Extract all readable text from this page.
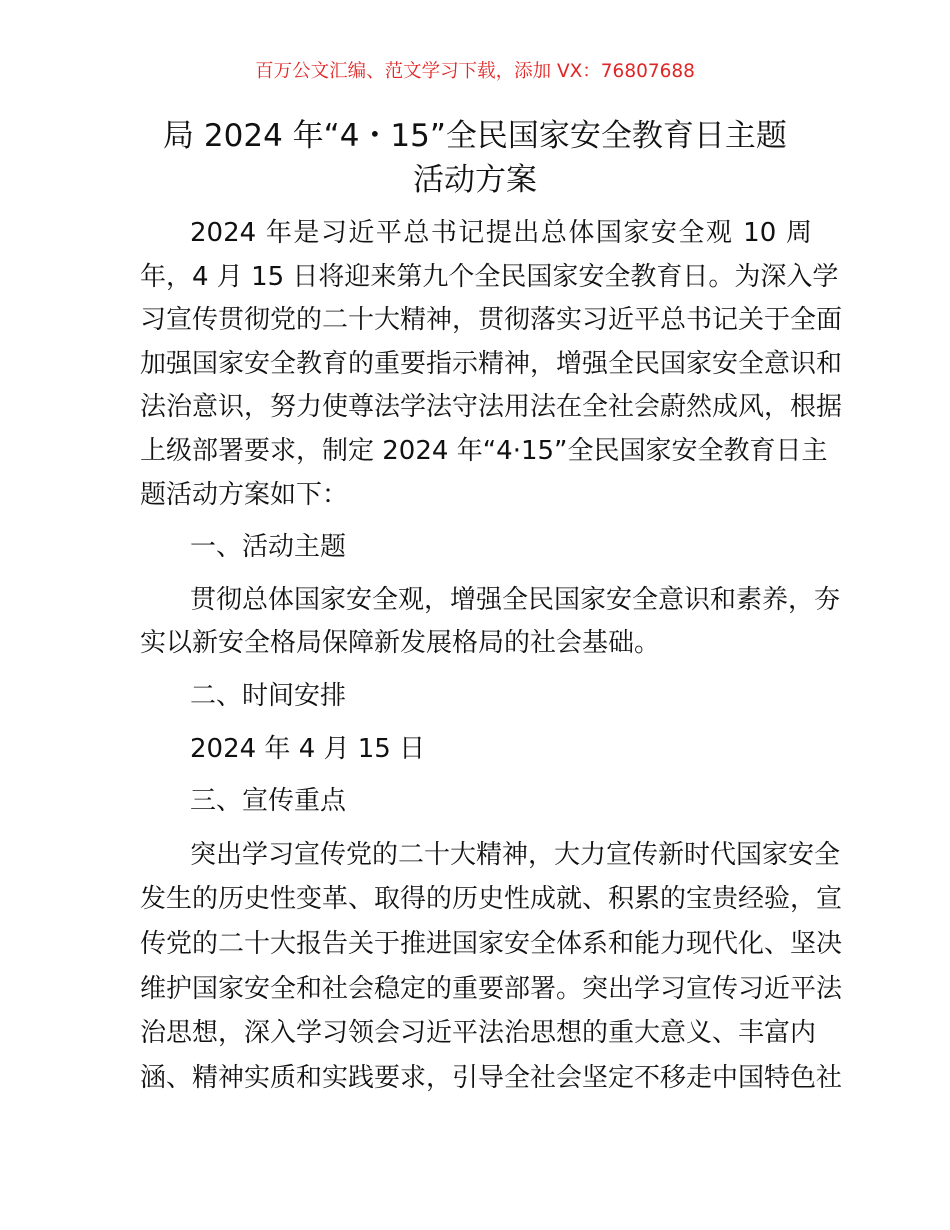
百万公文汇编、范文学习下载，添加 VX：76807688
局 2024 年“4・15”全民国家安全教育日主题
活动方案
2024 年是习近平总书记提出总体国家安全观 10 周
年，4 月 15 日将迎来第九个全民国家安全教育日。为深入学
习宣传贯彻党的二十大精神，贯彻落实习近平总书记关于全面
加强国家安全教育的重要指示精神，增强全民国家安全意识和
法治意识，努力使尊法学法守法用法在全社会蔚然成风，根据
上级部署要求，制定 2024 年“4·15”全民国家安全教育日主
题活动方案如下：
一、活动主题
贯彻总体国家安全观，增强全民国家安全意识和素养，夯
实以新安全格局保障新发展格局的社会基础。
二、时间安排
2024 年 4 月 15 日
三、宣传重点
突出学习宣传党的二十大精神，大力宣传新时代国家安全
发生的历史性变革、取得的历史性成就、积累的宝贵经验，宣
传党的二十大报告关于推进国家安全体系和能力现代化、坚决
维护国家安全和社会稳定的重要部署。突出学习宣传习近平法
治思想，深入学习领会习近平法治思想的重大意义、丰富内
涵、精神实质和实践要求，引导全社会坚定不移走中国特色社
